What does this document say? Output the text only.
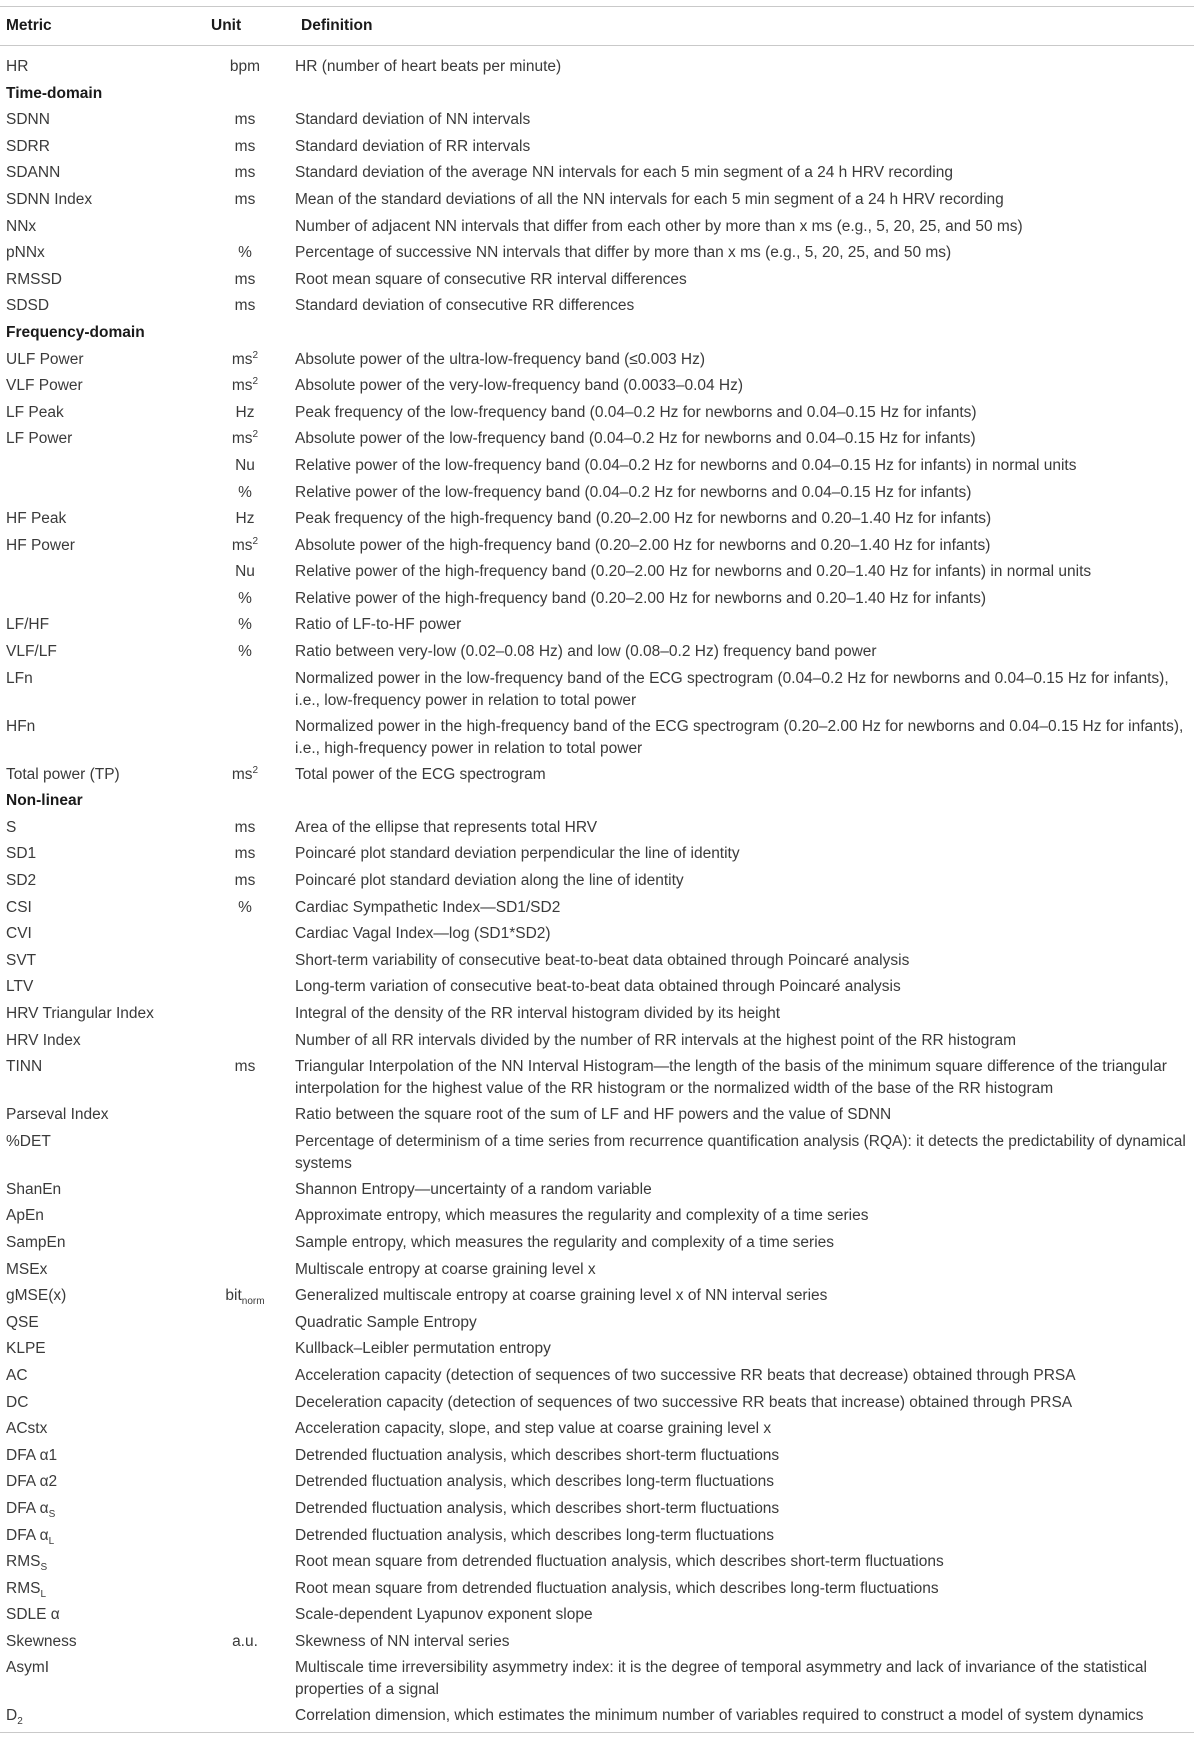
Metric	Unit	Definition
HR	bpm	HR (number of heart beats per minute)
Time-domain		
SDNN	ms	Standard deviation of NN intervals
SDRR	ms	Standard deviation of RR intervals
SDANN	ms	Standard deviation of the average NN intervals for each 5 min segment of a 24 h HRV recording
SDNN Index	ms	Mean of the standard deviations of all the NN intervals for each 5 min segment of a 24 h HRV recording
NNx		Number of adjacent NN intervals that differ from each other by more than x ms (e.g., 5, 20, 25, and 50 ms)
pNNx	%	Percentage of successive NN intervals that differ by more than x ms (e.g., 5, 20, 25, and 50 ms)
RMSSD	ms	Root mean square of consecutive RR interval differences
SDSD	ms	Standard deviation of consecutive RR differences
Frequency-domain		
ULF Power	$ms^2$	Absolute power of the ultra-low-frequency band (≤0.003 Hz)
VLF Power	$ms^2$	Absolute power of the very-low-frequency band (0.0033–0.04 Hz)
LF Peak	Hz	Peak frequency of the low-frequency band (0.04–0.2 Hz for newborns and 0.04–0.15 Hz for infants)
LF Power	$ms^2$	Absolute power of the low-frequency band (0.04–0.2 Hz for newborns and 0.04–0.15 Hz for infants)
	Nu	Relative power of the low-frequency band (0.04–0.2 Hz for newborns and 0.04–0.15 Hz for infants) in normal units
	%	Relative power of the low-frequency band (0.04–0.2 Hz for newborns and 0.04–0.15 Hz for infants)
HF Peak	Hz	Peak frequency of the high-frequency band (0.20–2.00 Hz for newborns and 0.20–1.40 Hz for infants)
HF Power	$ms^2$	Absolute power of the high-frequency band (0.20–2.00 Hz for newborns and 0.20–1.40 Hz for infants)
	Nu	Relative power of the high-frequency band (0.20–2.00 Hz for newborns and 0.20–1.40 Hz for infants) in normal units
	%	Relative power of the high-frequency band (0.20–2.00 Hz for newborns and 0.20–1.40 Hz for infants)
LF/HF	%	Ratio of LF-to-HF power
VLF/LF	%	Ratio between very-low (0.02–0.08 Hz) and low (0.08–0.2 Hz) frequency band power
LFn		Normalized power in the low-frequency band of the ECG spectrogram (0.04–0.2 Hz for newborns and 0.04–0.15 Hz for infants), i.e., low-frequency power in relation to total power
HFn		Normalized power in the high-frequency band of the ECG spectrogram (0.20–2.00 Hz for newborns and 0.04–0.15 Hz for infants), i.e., high-frequency power in relation to total power
Total power (TP)	$ms^2$	Total power of the ECG spectrogram
Non-linear		
S	ms	Area of the ellipse that represents total HRV
SD1	ms	Poincaré plot standard deviation perpendicular the line of identity
SD2	ms	Poincaré plot standard deviation along the line of identity
CSI	%	Cardiac Sympathetic Index—SD1/SD2
CVI		Cardiac Vagal Index—log (SD1*SD2)
SVT		Short-term variability of consecutive beat-to-beat data obtained through Poincaré analysis
LTV		Long-term variation of consecutive beat-to-beat data obtained through Poincaré analysis
HRV Triangular Index		Integral of the density of the RR interval histogram divided by its height
HRV Index		Number of all RR intervals divided by the number of RR intervals at the highest point of the RR histogram
TINN	ms	Triangular Interpolation of the NN Interval Histogram—the length of the basis of the minimum square difference of the triangular interpolation for the highest value of the RR histogram or the normalized width of the base of the RR histogram
Parseval Index		Ratio between the square root of the sum of LF and HF powers and the value of SDNN
%DET		Percentage of determinism of a time series from recurrence quantification analysis (RQA): it detects the predictability of dynamical systems
ShanEn		Shannon Entropy—uncertainty of a random variable
ApEn		Approximate entropy, which measures the regularity and complexity of a time series
SampEn		Sample entropy, which measures the regularity and complexity of a time series
MSEx		Multiscale entropy at coarse graining level x
gMSE(x)	bit$_{norm}$	Generalized multiscale entropy at coarse graining level x of NN interval series
QSE		Quadratic Sample Entropy
KLPE		Kullback–Leibler permutation entropy
AC		Acceleration capacity (detection of sequences of two successive RR beats that decrease) obtained through PRSA
DC		Deceleration capacity (detection of sequences of two successive RR beats that increase) obtained through PRSA
ACstx		Acceleration capacity, slope, and step value at coarse graining level x
DFA α1		Detrended fluctuation analysis, which describes short-term fluctuations
DFA α2		Detrended fluctuation analysis, which describes long-term fluctuations
DFA $\alpha_S$		Detrended fluctuation analysis, which describes short-term fluctuations
DFA $\alpha_L$		Detrended fluctuation analysis, which describes long-term fluctuations
$RMS_S$		Root mean square from detrended fluctuation analysis, which describes short-term fluctuations
$RMS_L$		Root mean square from detrended fluctuation analysis, which describes long-term fluctuations
SDLE α		Scale-dependent Lyapunov exponent slope
Skewness	a.u.	Skewness of NN interval series
AsymI		Multiscale time irreversibility asymmetry index: it is the degree of temporal asymmetry and lack of invariance of the statistical properties of a signal
$D_2$		Correlation dimension, which estimates the minimum number of variables required to construct a model of system dynamics
